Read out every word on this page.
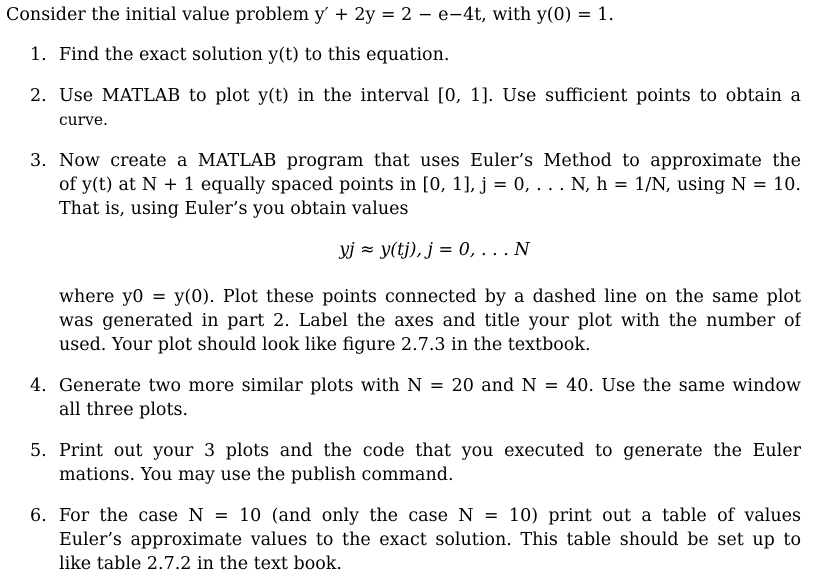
Consider the initial value problem y′ + 2y = 2 − e−4t, with y(0) = 1.
1. Find the exact solution y(t) to this equation.
2. Use MATLAB to plot y(t) in the interval [0, 1]. Use sufficient points to obtain a
curve.
3. Now create a MATLAB program that uses Euler’s Method to approximate the
of y(t) at N + 1 equally spaced points in [0, 1], j = 0, . . . N, h = 1/N, using N = 10.
That is, using Euler’s you obtain values
yj ≈ y(tj), j = 0, . . . N
where y0 = y(0). Plot these points connected by a dashed line on the same plot
was generated in part 2. Label the axes and title your plot with the number of
used. Your plot should look like figure 2.7.3 in the textbook.
4. Generate two more similar plots with N = 20 and N = 40. Use the same window
all three plots.
5. Print out your 3 plots and the code that you executed to generate the Euler
mations. You may use the publish command.
6. For the case N = 10 (and only the case N = 10) print out a table of values
Euler’s approximate values to the exact solution. This table should be set up to
like table 2.7.2 in the text book.
